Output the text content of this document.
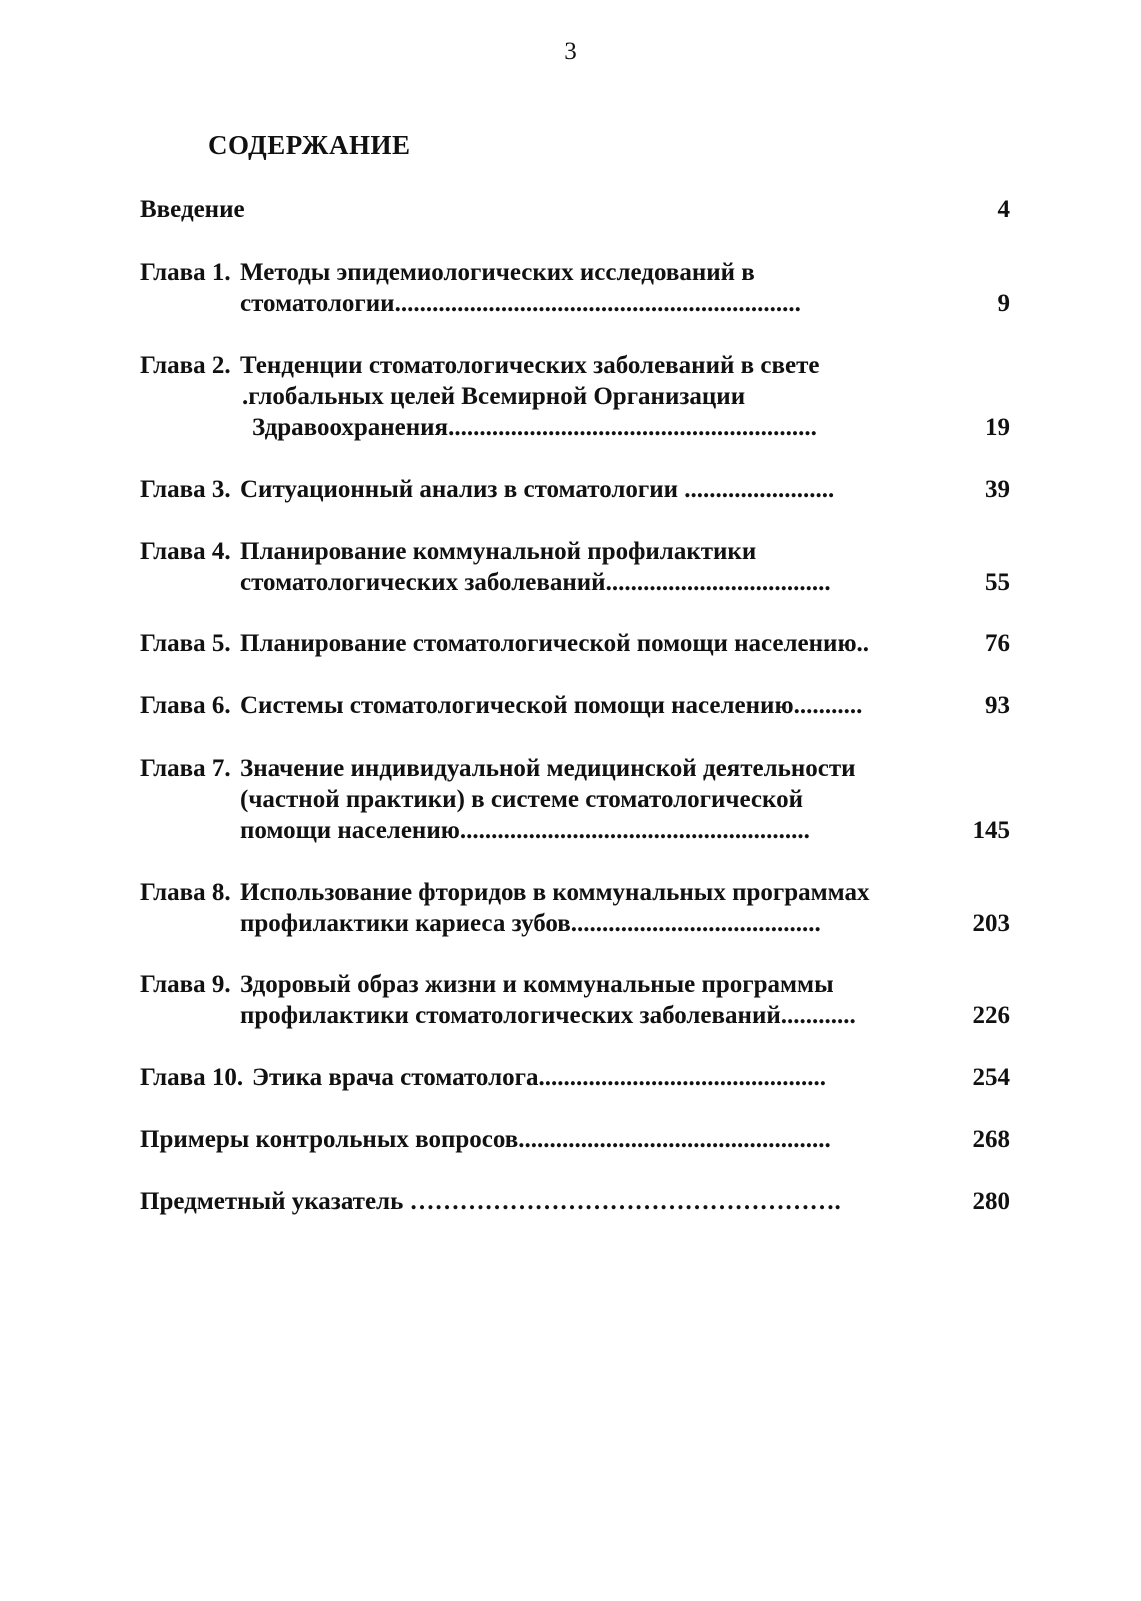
3
СОДЕРЖАНИЕ
Введение	4
Глава 1. Методы эпидемиологических исследований в
стоматологии.................................................................	9
Глава 2. Тенденции стоматологических заболеваний в свете
.глобальных целей Всемирной Организации
Здравоохранения...........................................................	19
Глава 3. Ситуационный анализ в стоматологии ........................	39
Глава 4. Планирование коммунальной профилактики
стоматологических заболеваний....................................	55
Глава 5. Планирование стоматологической помощи населению..	76
Глава 6. Системы стоматологической помощи населению...........	93
Глава 7. Значение индивидуальной медицинской деятельности
(частной практики) в системе стоматологической
помощи населению........................................................	145
Глава 8. Использование фторидов в коммунальных программах
профилактики кариеса зубов........................................	203
Глава 9. Здоровый образ жизни и коммунальные программы
профилактики стоматологических заболеваний............	226
Глава 10. Этика врача стоматолога..............................................	254
Примеры контрольных вопросов..................................................	268
Предметный указатель …………………………………………….	280
